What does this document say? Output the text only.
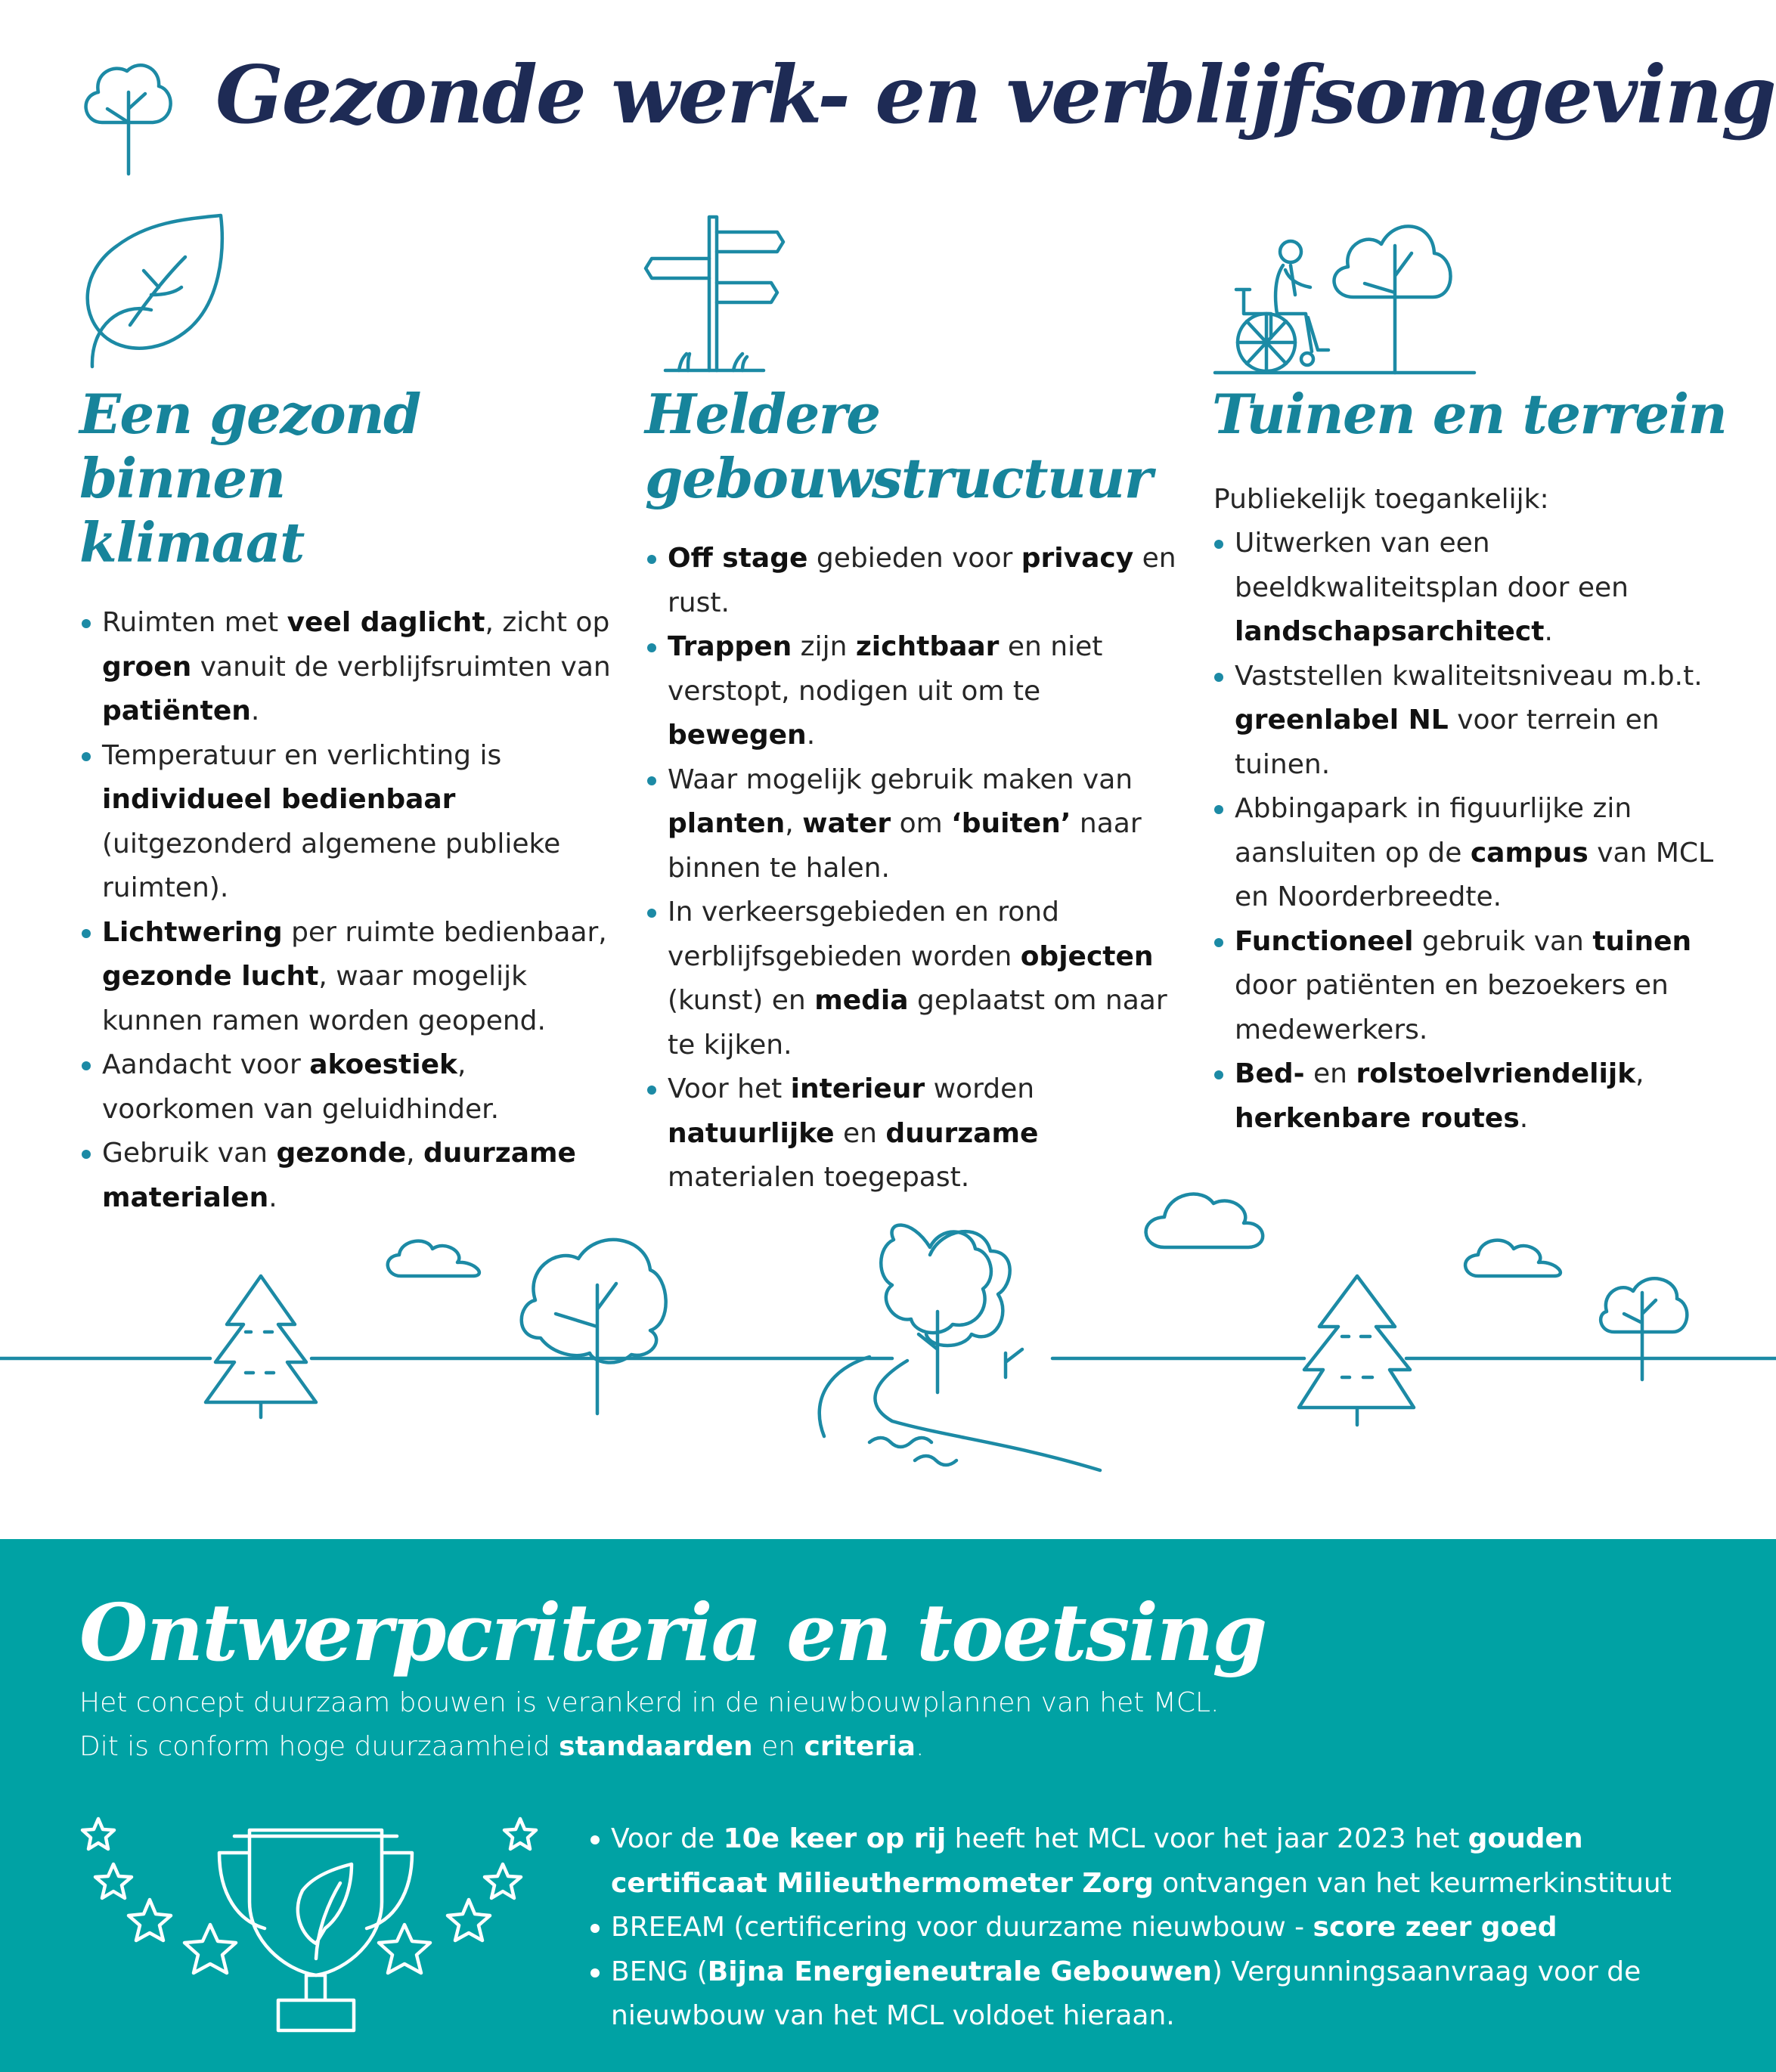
Gezonde werk- en verblijfsomgeving
Een gezond binnen
klimaat
Ruimten met veel daglicht, zicht op groen vanuit de verblijfsruimten van patiënten.
Temperatuur en verlichting is individueel bedienbaar (uitgezonderd algemene publieke ruimten).
Lichtwering per ruimte bedienbaar, gezonde lucht, waar mogelijk kunnen ramen worden geopend.
Aandacht voor akoestiek, voorkomen van geluidhinder.
Gebruik van gezonde, duurzame materialen.
Heldere
gebouwstructuur
Off stage gebieden voor privacy en rust.
Trappen zijn zichtbaar en niet verstopt, nodigen uit om te bewegen.
Waar mogelijk gebruik maken van planten, water om ‘buiten’ naar binnen te halen.
In verkeersgebieden en rond verblijfsgebieden worden objecten (kunst) en media geplaatst om naar te kijken.
Voor het interieur worden natuurlijke en duurzame materialen toegepast.
Tuinen en terrein

Publiekelijk toegankelijk:

Uitwerken van een beeldkwaliteitsplan door een landschapsarchitect.
Vaststellen kwaliteitsniveau m.b.t. greenlabel NL voor terrein en tuinen.
Abbingapark in figuurlijke zin aansluiten op de campus van MCL en Noorderbreedte.
Functioneel gebruik van tuinen door patiënten en bezoekers en medewerkers.
Bed- en rolstoelvriendelijk, herkenbare routes.
Ontwerpcriteria en toetsing
Het concept duurzaam bouwen is verankerd in de nieuwbouwplannen van het MCL.
Dit is conform hoge duurzaamheid standaarden en criteria.
Voor de 10e keer op rij heeft het MCL voor het jaar 2023 het gouden certificaat Milieuthermometer Zorg ontvangen van het keurmerkinstituut
BREEAM (certificering voor duurzame nieuwbouw - score zeer goed
BENG (Bijna Energieneutrale Gebouwen) Vergunningsaanvraag voor de nieuwbouw van het MCL voldoet hieraan.
